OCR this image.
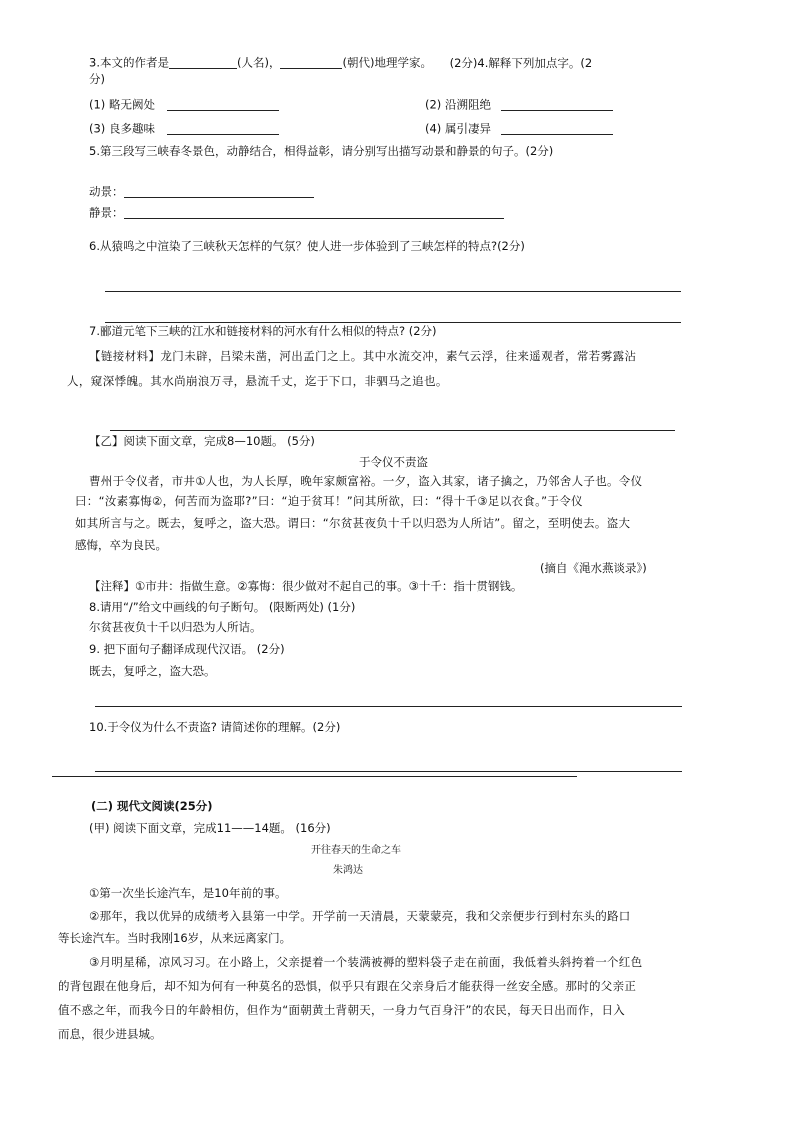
3.本文的作者是	(人名)，	(朝代)地理学家。 (2分)4.解释下列加点字。(2
分)
(1) 略无阙处	(2) 沿溯阻绝
(3) 良多趣味	(4) 属引凄异
5.第三段写三峡春冬景色，动静结合，相得益彰，请分别写出描写动景和静景的句子。(2分)
动景：
静景：
6.从猿鸣之中渲染了三峡秋天怎样的气氛？使人进一步体验到了三峡怎样的特点?(2分)
7.郦道元笔下三峡的江水和链接材料的河水有什么相似的特点? (2分)
【链接材料】龙门未辟，吕梁未凿，河出孟门之上。其中水流交冲，素气云浮，往来遥观者，常若雾露沾
人，窥深悸魄。其水尚崩浪万寻，悬流千丈，迄于下口，非驷马之追也。
【乙】阅读下面文章，完成8—10题。 (5分)
于令仪不责盗
曹州于令仪者，市井①人也，为人长厚，晚年家颇富裕。一夕，盗入其家，诸子擒之，乃邻舍人子也。令仪
曰：“汝素寡悔②，何苦而为盗耶?”曰：“迫于贫耳！”问其所欲，曰：“得十千③足以衣食。”于令仪
如其所言与之。既去，复呼之，盗大恐。谓曰：“尔贫甚夜负十千以归恐为人所诘”。留之，至明使去。盗大
感悔，卒为良民。
(摘自《渑水燕谈录》)
【注释】①市井：指做生意。②寡悔：很少做对不起自己的事。③十千：指十贯钢钱。
8.请用“/”给文中画线的句子断句。 (限断两处) (1分)
尔贫甚夜负十千以归恐为人所诘。
9. 把下面句子翻译成现代汉语。 (2分)
既去，复呼之，盗大恐。
10.于令仪为什么不责盗? 请简述你的理解。(2分)
(二) 现代文阅读(25分)
(甲) 阅读下面文章，完成11——14题。 (16分)
开往春天的生命之车
朱鸿达
①第一次坐长途汽车，是10年前的事。
②那年，我以优异的成绩考入县第一中学。开学前一天清晨，天蒙蒙亮，我和父亲便步行到村东头的路口
等长途汽车。当时我刚16岁，从来远离家门。
③月明星稀，凉风习习。在小路上，父亲提着一个装满被褥的塑料袋子走在前面，我低着头斜挎着一个红色
的背包跟在他身后，却不知为何有一种莫名的恐惧，似乎只有跟在父亲身后才能获得一丝安全感。那时的父亲正
值不惑之年，而我今日的年龄相仿，但作为“面朝黄土背朝天，一身力气百身汗”的农民，每天日出而作，日入
而息，很少进县城。
